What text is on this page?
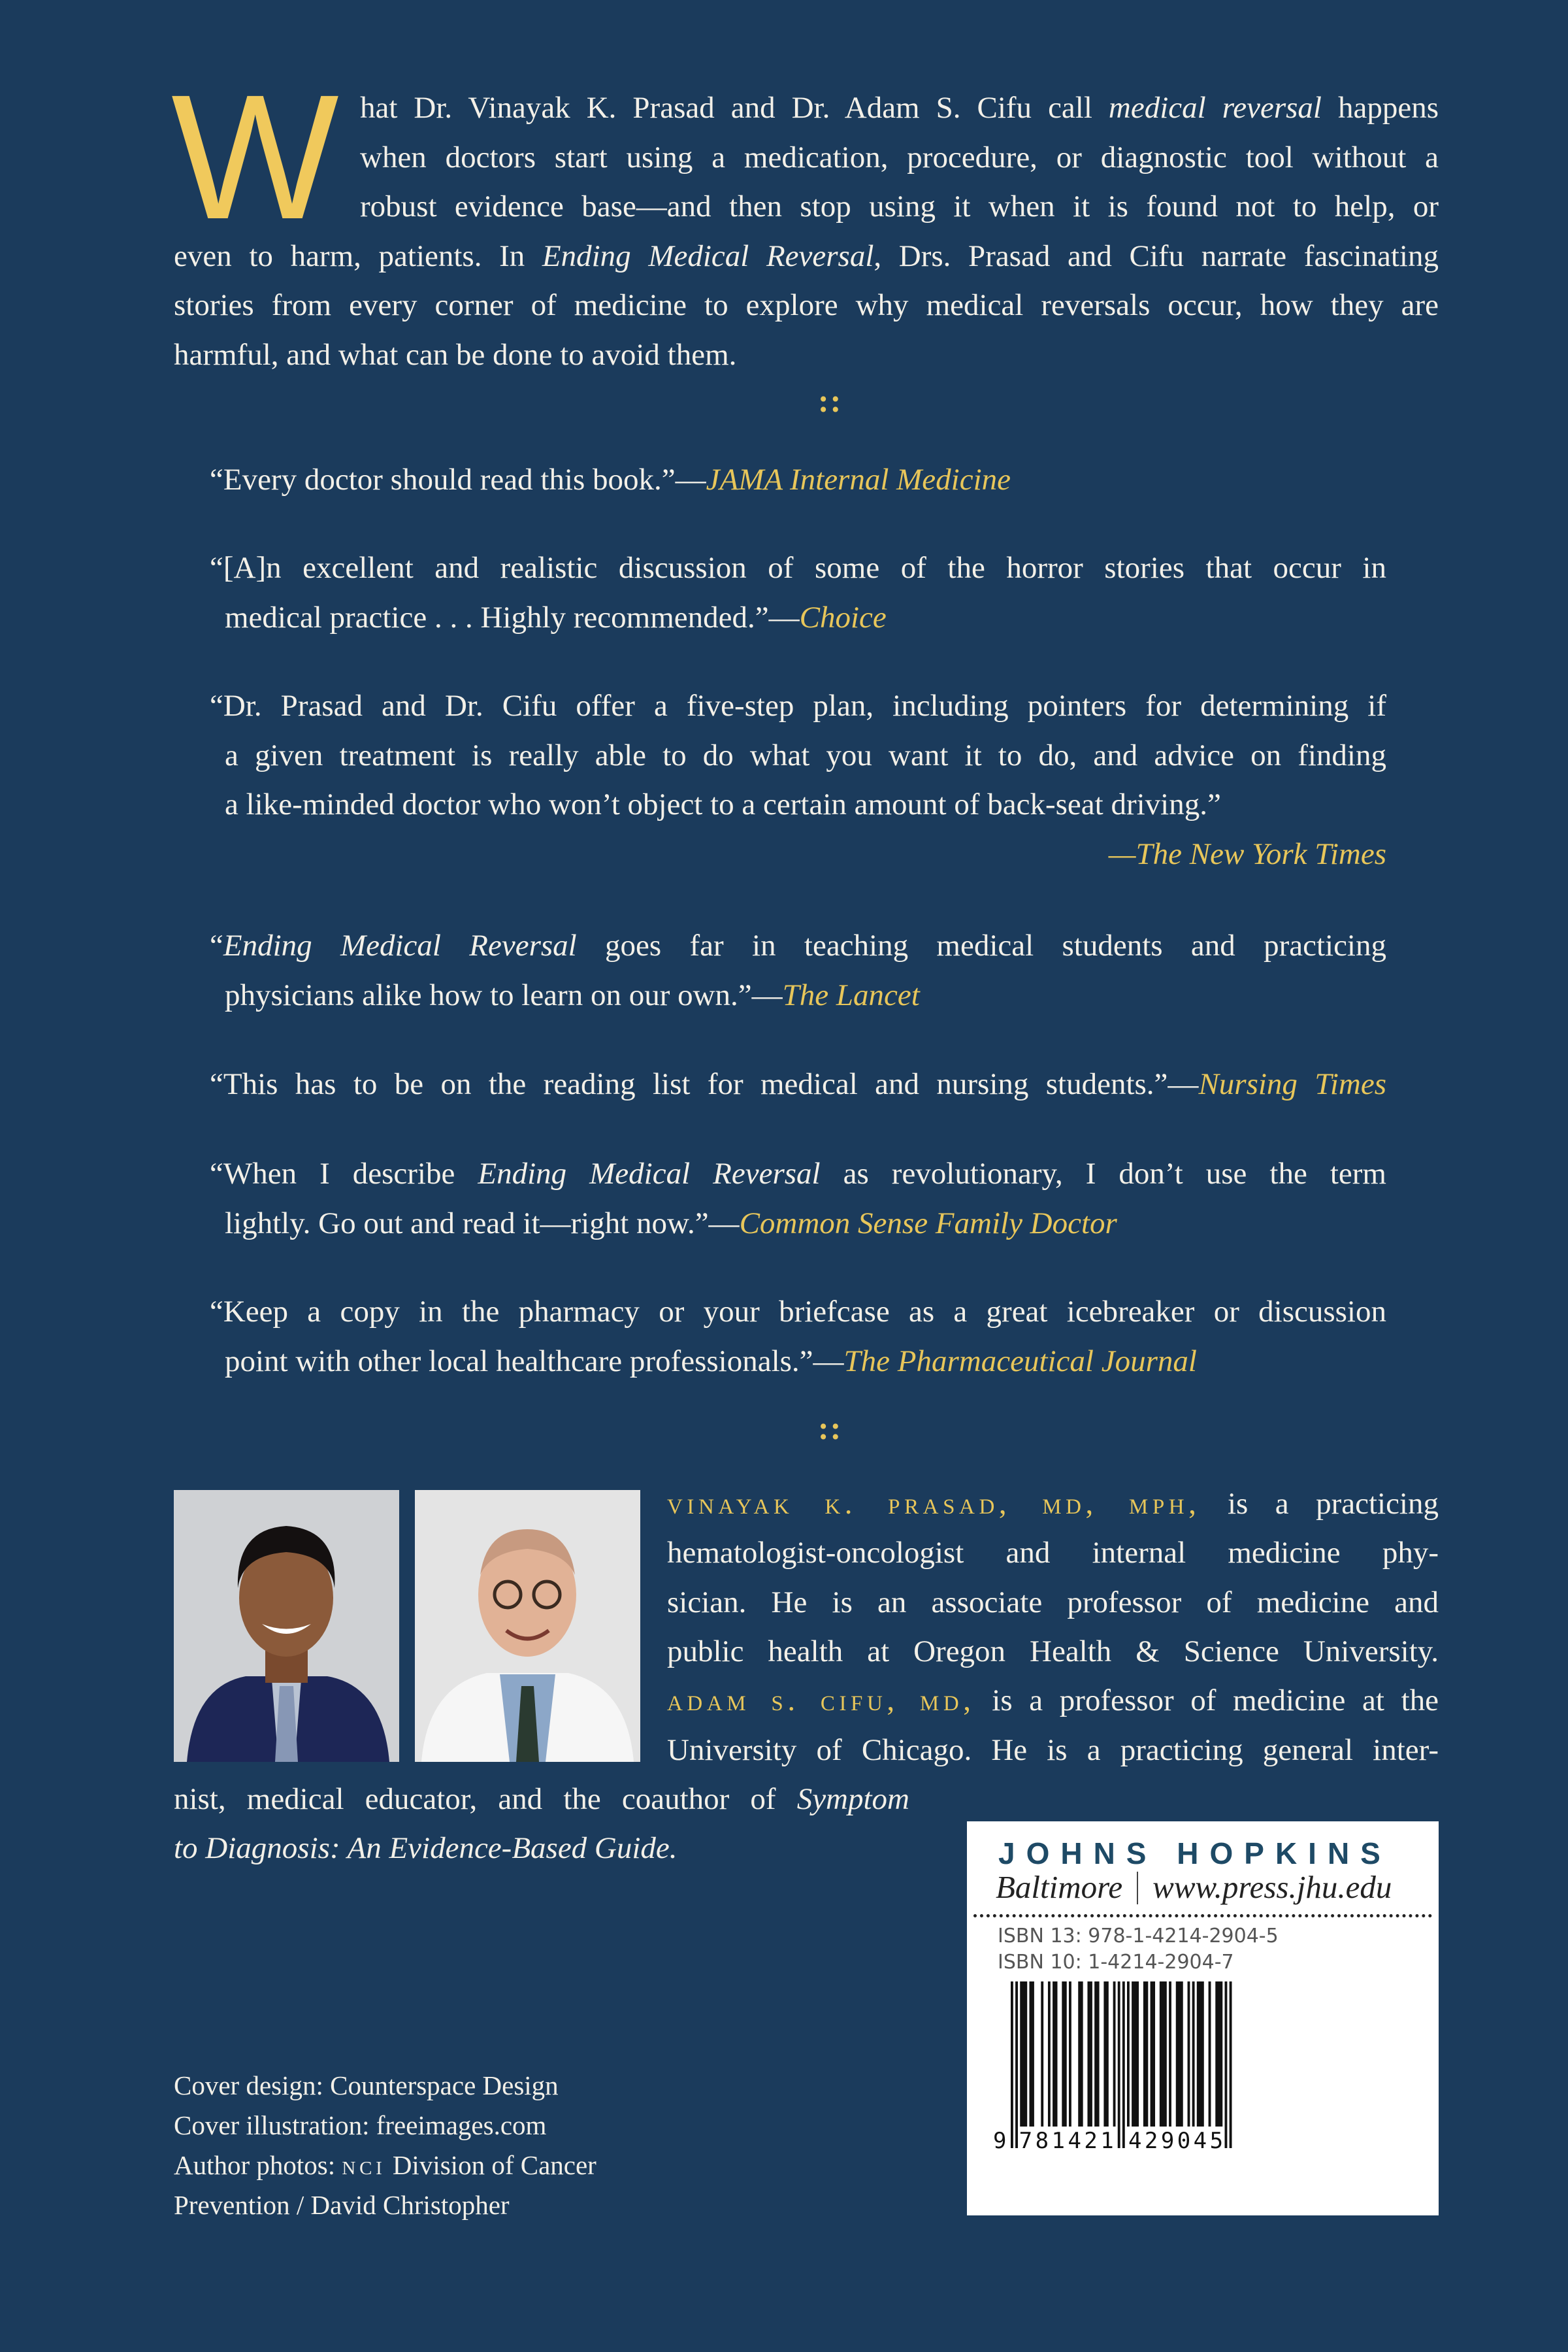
W hat Dr. Vinayak K. Prasad and Dr. Adam S. Cifu call medical reversal happens
when doctors start using a medication, procedure, or diagnostic tool without a
robust evidence base—and then stop using it when it is found not to help, or
even to harm, patients. In Ending Medical Reversal, Drs. Prasad and Cifu narrate fascinating
stories from every corner of medicine to explore why medical reversals occur, how they are
harmful, and what can be done to avoid them.
::
“Every doctor should read this book.”—JAMA Internal Medicine
“[A]n excellent and realistic discussion of some of the horror stories that occur in
medical practice . . . Highly recommended.”—Choice
“Dr. Prasad and Dr. Cifu offer a five-step plan, including pointers for determining if
a given treatment is really able to do what you want it to do, and advice on finding
a like-minded doctor who won’t object to a certain amount of back-seat driving.”
—The New York Times
“Ending Medical Reversal goes far in teaching medical students and practicing
physicians alike how to learn on our own.”—The Lancet
“This has to be on the reading list for medical and nursing students.”—Nursing Times
“When I describe Ending Medical Reversal as revolutionary, I don’t use the term
lightly. Go out and read it—right now.”—Common Sense Family Doctor
“Keep a copy in the pharmacy or your briefcase as a great icebreaker or discussion
point with other local healthcare professionals.”—The Pharmaceutical Journal
::
vinayak k. prasad, md, mph, is a practicing
hematologist-oncologist and internal medicine phy-
sician. He is an associate professor of medicine and
public health at Oregon Health & Science University.
adam s. cifu, md, is a professor of medicine at the
University of Chicago. He is a practicing general inter-
nist, medical educator, and the coauthor of Symptom
to Diagnosis: An Evidence-Based Guide.
Cover design: Counterspace Design
Cover illustration: freeimages.com
Author photos: nci Division of Cancer
Prevention / David Christopher
JOHNS HOPKINS
Baltimore www.press.jhu.edu
ISBN 13: 978-1-4214-2904-5
ISBN 10: 1-4214-2904-7
9 7 8 1 4 2 1 4 2 9 0 4 5
